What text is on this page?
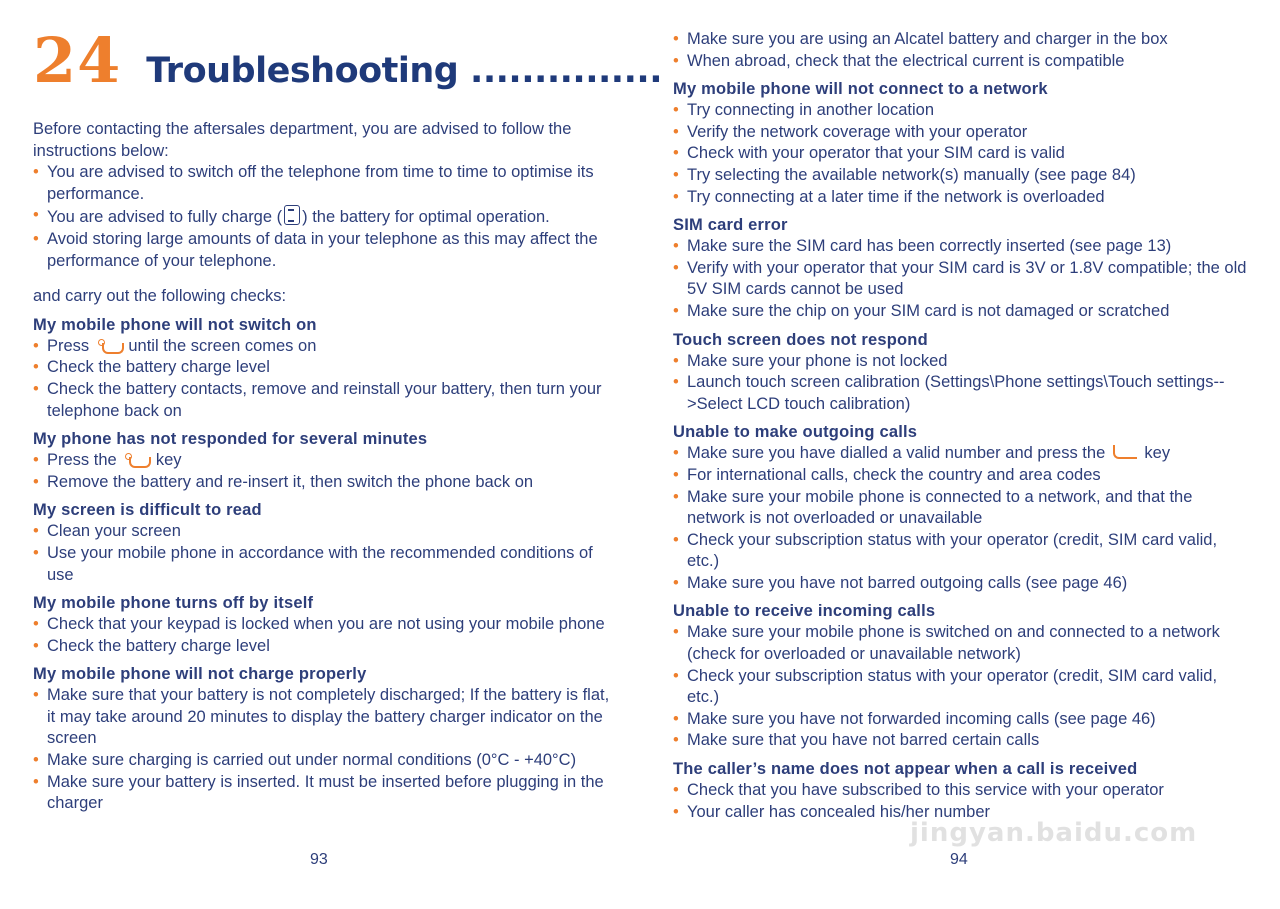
24 Troubleshooting ...............

Before contacting the aftersales department, you are advised to follow the instructions below:

• You are advised to switch off the telephone from time to time to optimise its performance.
• You are advised to fully charge ( ) the battery for optimal operation.
• Avoid storing large amounts of data in your telephone as this may affect the performance of your telephone.

and carry out the following checks:

My mobile phone will not switch on
• Press  until the screen comes on
• Check the battery charge level
• Check the battery contacts, remove and reinstall your battery, then turn your telephone back on
My phone has not responded for several minutes
• Press the  key
• Remove the battery and re-insert it, then switch the phone back on
My screen is difficult to read
• Clean your screen
• Use your mobile phone in accordance with the recommended conditions of use
My mobile phone turns off by itself
• Check that your keypad is locked when you are not using your mobile phone
• Check the battery charge level
My mobile phone will not charge properly
• Make sure that your battery is not completely discharged; If the battery is flat, it may take around 20 minutes to display the battery charger indicator on the screen
• Make sure charging is carried out under normal conditions (0°C - +40°C)
• Make sure your battery is inserted. It must be inserted before plugging in the charger
• Make sure you are using an Alcatel battery and charger in the box
• When abroad, check that the electrical current is compatible
My mobile phone will not connect to a network
• Try connecting in another location
• Verify the network coverage with your operator
• Check with your operator that your SIM card is valid
• Try selecting the available network(s) manually (see page 84)
• Try connecting at a later time if the network is overloaded
SIM card error
• Make sure the SIM card has been correctly inserted (see page 13)
• Verify with your operator that your SIM card is 3V or 1.8V compatible; the old 5V SIM cards cannot be used
• Make sure the chip on your SIM card is not damaged or scratched
Touch screen does not respond
• Make sure your phone is not locked
• Launch touch screen calibration (Settings\Phone settings\Touch settings-->Select LCD touch calibration)
Unable to make outgoing calls
• Make sure you have dialled a valid number and press the  key
• For international calls, check the country and area codes
• Make sure your mobile phone is connected to a network, and that the network is not overloaded or unavailable
• Check your subscription status with your operator (credit, SIM card valid, etc.)
• Make sure you have not barred outgoing calls (see page 46)
Unable to receive incoming calls
• Make sure your mobile phone is switched on and connected to a network (check for overloaded or unavailable network)
• Check your subscription status with your operator (credit, SIM card valid, etc.)
• Make sure you have not forwarded incoming calls (see page 46)
• Make sure that you have not barred certain calls
The caller’s name does not appear when a call is received
• Check that you have subscribed to this service with your operator
• Your caller has concealed his/her number
93	94
jingyan.baidu.com
